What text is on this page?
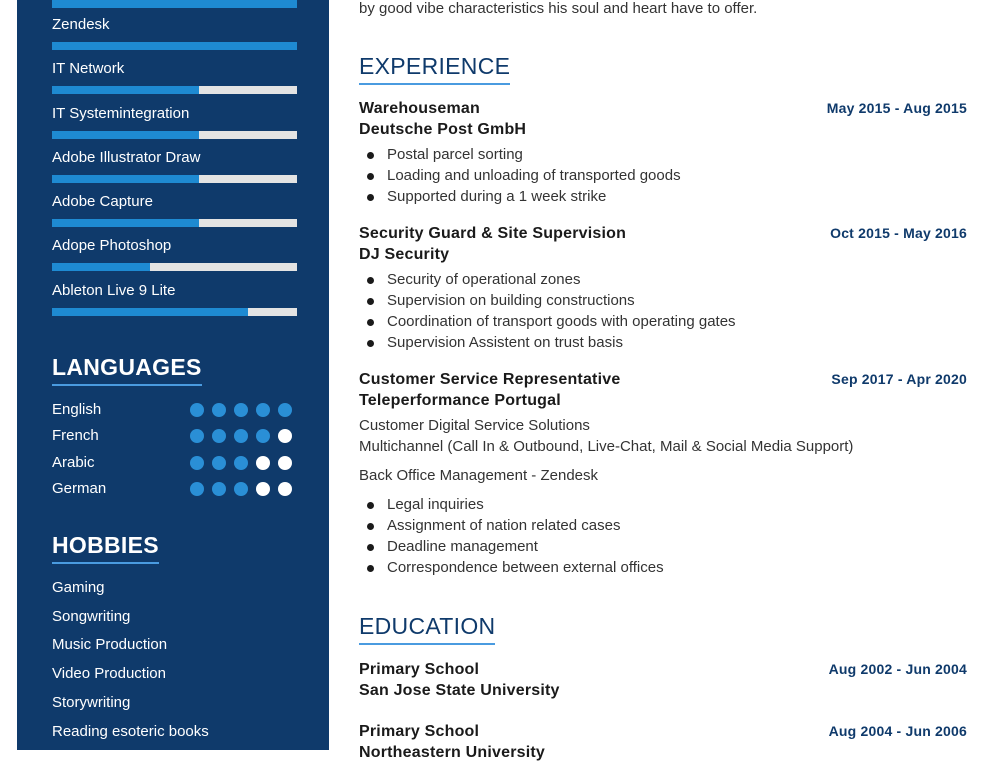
Zendesk
IT Network
IT Systemintegration
Adobe Illustrator Draw
Adobe Capture
Adope Photoshop
Ableton Live 9 Lite
LANGUAGES
English
French
Arabic
German
HOBBIES
Gaming
Songwriting
Music Production
Video Production
Storywriting
Reading esoteric books
by good vibe characteristics his soul and heart have to offer.
EXPERIENCE
Warehouseman	May 2015 - Aug 2015
Deutsche Post GmbH
Postal parcel sorting
Loading and unloading of transported goods
Supported during a 1 week strike
Security Guard & Site Supervision	Oct 2015 - May 2016
DJ Security
Security of operational zones
Supervision on building constructions
Coordination of transport goods with operating gates
Supervision Assistent on trust basis
Customer Service Representative	Sep 2017 - Apr 2020
Teleperformance Portugal
Customer Digital Service Solutions
Multichannel (Call In & Outbound, Live-Chat, Mail & Social Media Support)
Back Office Management - Zendesk
Legal inquiries
Assignment of nation related cases
Deadline management
Correspondence between external offices
EDUCATION
Primary School	Aug 2002 - Jun 2004
San Jose State University
Primary School	Aug 2004 - Jun 2006
Northeastern University
